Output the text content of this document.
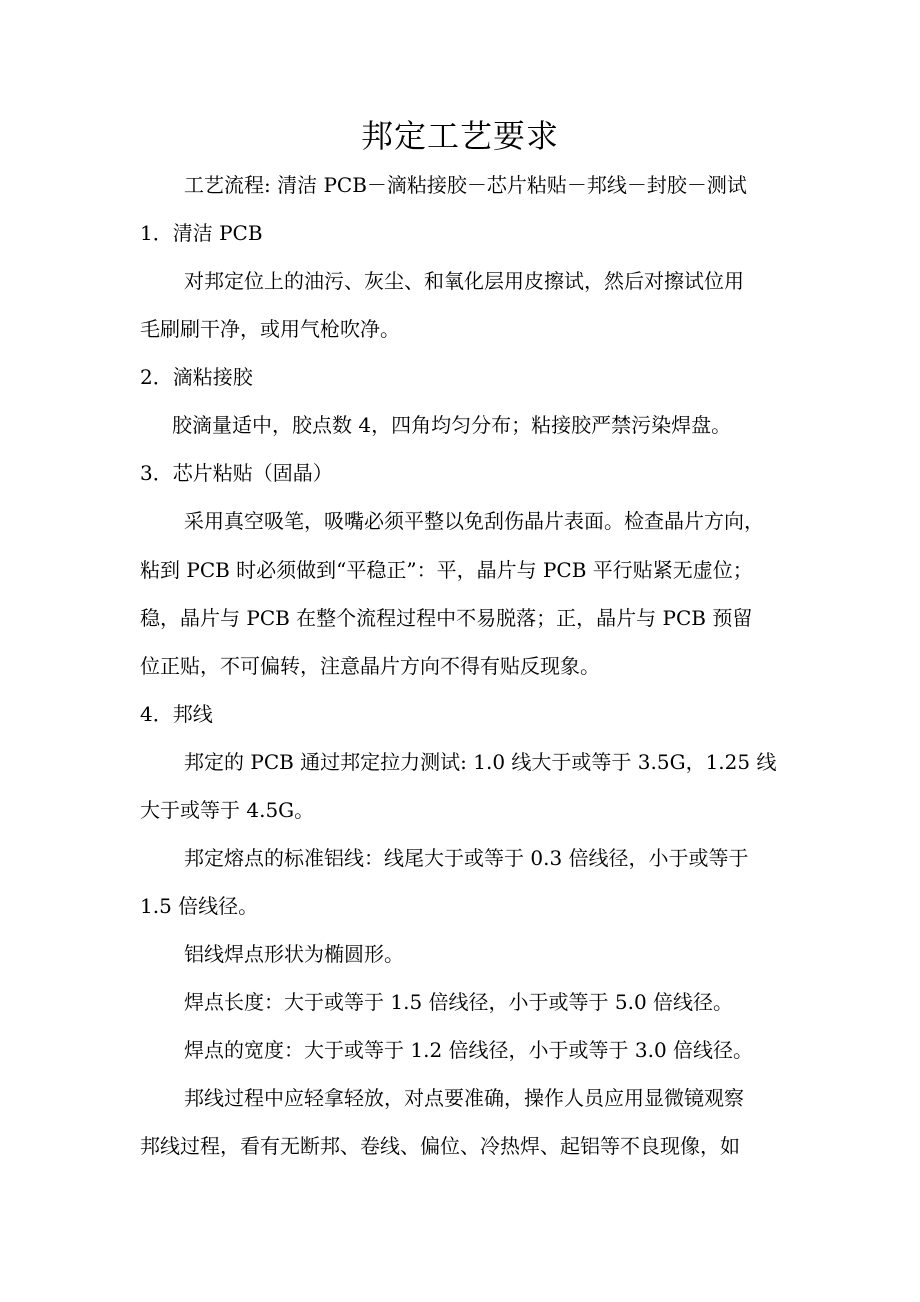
邦定工艺要求
工艺流程: 清洁 PCB－滴粘接胶－芯片粘贴－邦线－封胶－测试
1．清洁 PCB
对邦定位上的油污、灰尘、和氧化层用皮擦试，然后对擦试位用
毛刷刷干净，或用气枪吹净。
2．滴粘接胶
胶滴量适中，胶点数 4，四角均匀分布；粘接胶严禁污染焊盘。
3．芯片粘贴（固晶）
采用真空吸笔，吸嘴必须平整以免刮伤晶片表面。检查晶片方向，
粘到 PCB 时必须做到“平稳正”：平，晶片与 PCB 平行贴紧无虚位；
稳，晶片与 PCB 在整个流程过程中不易脱落；正，晶片与 PCB 预留
位正贴，不可偏转，注意晶片方向不得有贴反现象。
4．邦线
邦定的 PCB 通过邦定拉力测试: 1.0 线大于或等于 3.5G，1.25 线
大于或等于 4.5G。
邦定熔点的标准铝线：线尾大于或等于 0.3 倍线径，小于或等于
1.5 倍线径。
铝线焊点形状为椭圆形。
焊点长度：大于或等于 1.5 倍线径，小于或等于 5.0 倍线径。
焊点的宽度：大于或等于 1.2 倍线径，小于或等于 3.0 倍线径。
邦线过程中应轻拿轻放，对点要准确，操作人员应用显微镜观察
邦线过程，看有无断邦、卷线、偏位、冷热焊、起铝等不良现像，如
